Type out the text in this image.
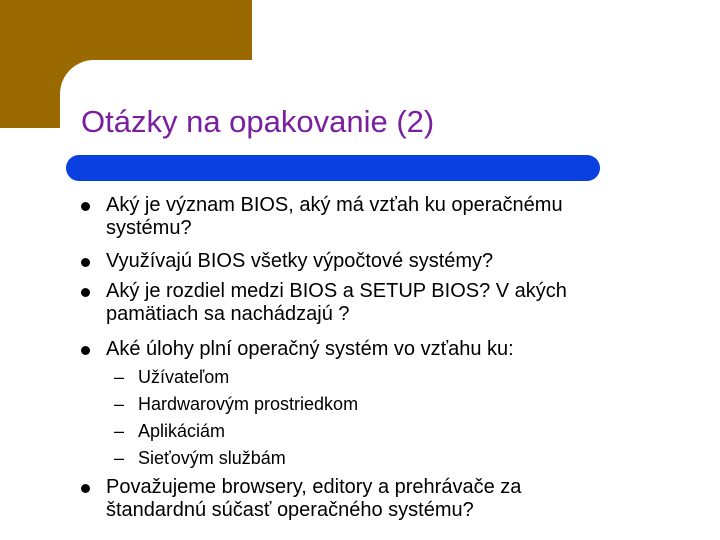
Otázky na opakovanie (2)
Aký je význam BIOS, aký má vzťah ku operačnému
systému?
Využívajú BIOS všetky výpočtové systémy?
Aký je rozdiel medzi BIOS a SETUP BIOS? V akých
pamätiach sa nachádzajú ?
Aké úlohy plní operačný systém vo vzťahu ku:
– Užívateľom
– Hardwarovým prostriedkom
– Aplikáciám
– Sieťovým službám
Považujeme browsery, editory a prehrávače za
štandardnú súčasť operačného systému?
